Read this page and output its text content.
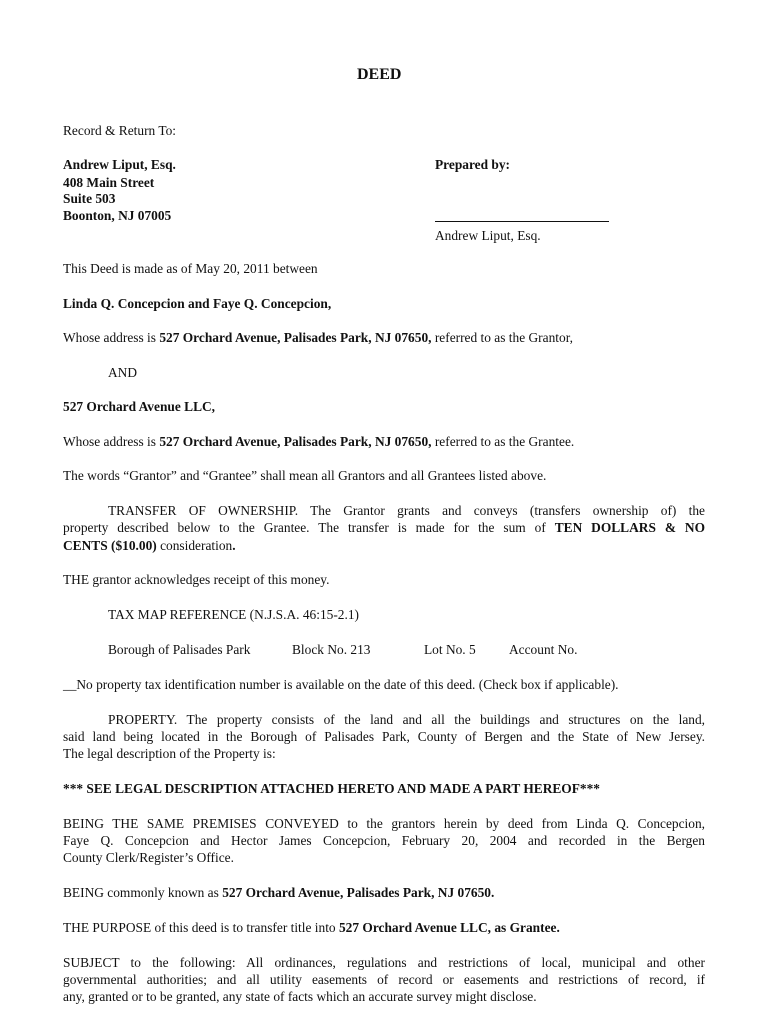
DEED
Record & Return To:
Andrew Liput, Esq.
408 Main Street
Suite 503
Boonton, NJ 07005
Prepared by:
Andrew Liput, Esq.
This Deed is made as of May 20, 2011 between
Linda Q. Concepcion and Faye Q. Concepcion,
Whose address is 527 Orchard Avenue, Palisades Park, NJ 07650, referred to as the Grantor,
AND
527 Orchard Avenue LLC,
Whose address is 527 Orchard Avenue, Palisades Park, NJ 07650, referred to as the Grantee.
The words “Grantor” and “Grantee” shall mean all Grantors and all Grantees listed above.
TRANSFER OF OWNERSHIP. The Grantor grants and conveys (transfers ownership of) the
property described below to the Grantee. The transfer is made for the sum of TEN DOLLARS & NO
CENTS ($10.00) consideration.
THE grantor acknowledges receipt of this money.
TAX MAP REFERENCE (N.J.S.A. 46:15-2.1)
Borough of Palisades Park	Block No. 213	Lot No. 5 Account No.
__No property tax identification number is available on the date of this deed. (Check box if applicable).
PROPERTY. The property consists of the land and all the buildings and structures on the land,
said land being located in the Borough of Palisades Park, County of Bergen and the State of New Jersey.
The legal description of the Property is:
*** SEE LEGAL DESCRIPTION ATTACHED HERETO AND MADE A PART HEREOF***
BEING THE SAME PREMISES CONVEYED to the grantors herein by deed from Linda Q. Concepcion,
Faye Q. Concepcion and Hector James Concepcion, February 20, 2004 and recorded in the Bergen
County Clerk/Register’s Office.
BEING commonly known as 527 Orchard Avenue, Palisades Park, NJ 07650.
THE PURPOSE of this deed is to transfer title into 527 Orchard Avenue LLC, as Grantee.
SUBJECT to the following: All ordinances, regulations and restrictions of local, municipal and other
governmental authorities; and all utility easements of record or easements and restrictions of record, if
any, granted or to be granted, any state of facts which an accurate survey might disclose.
